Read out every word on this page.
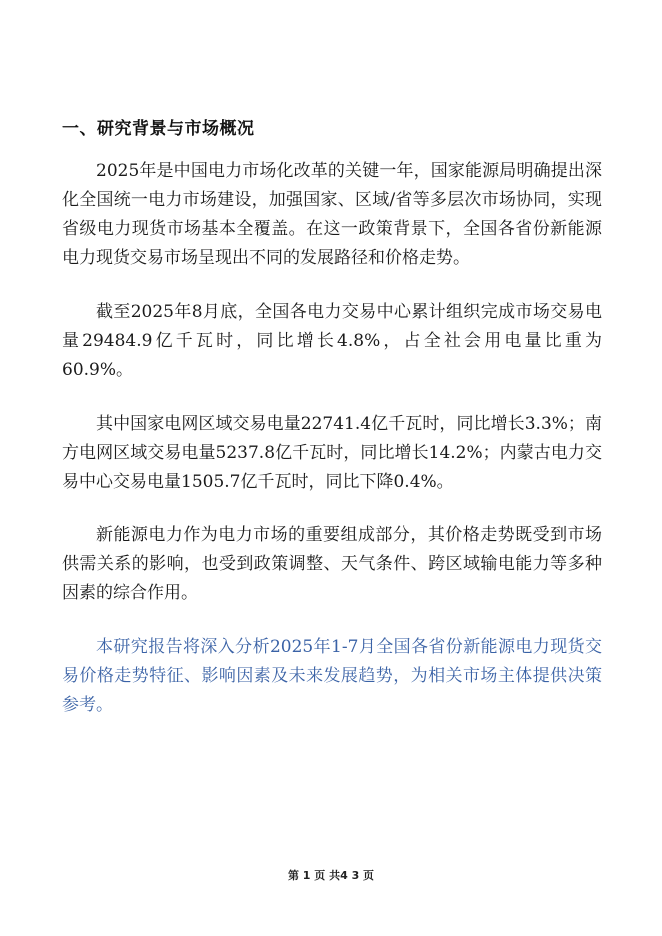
一、研究背景与市场概况

2025年是中国电力市场化改革的关键一年，国家能源局明确提出深化全国统一电力市场建设，加强国家、区域/省等多层次市场协同，实现省级电力现货市场基本全覆盖。在这一政策背景下，全国各省份新能源电力现货交易市场呈现出不同的发展路径和价格走势。

截至2025年8月底，全国各电力交易中心累计组织完成市场交易电量29484.9亿千瓦时，同比增长4.8%，占全社会用电量比重为60.9%。

其中国家电网区域交易电量22741.4亿千瓦时，同比增长3.3%；南方电网区域交易电量5237.8亿千瓦时，同比增长14.2%；内蒙古电力交易中心交易电量1505.7亿千瓦时，同比下降0.4%。

新能源电力作为电力市场的重要组成部分，其价格走势既受到市场供需关系的影响，也受到政策调整、天气条件、跨区域输电能力等多种因素的综合作用。

本研究报告将深入分析2025年1-7月全国各省份新能源电力现货交易价格走势特征、影响因素及未来发展趋势，为相关市场主体提供决策参考。

第 1 页 共4 3 页
